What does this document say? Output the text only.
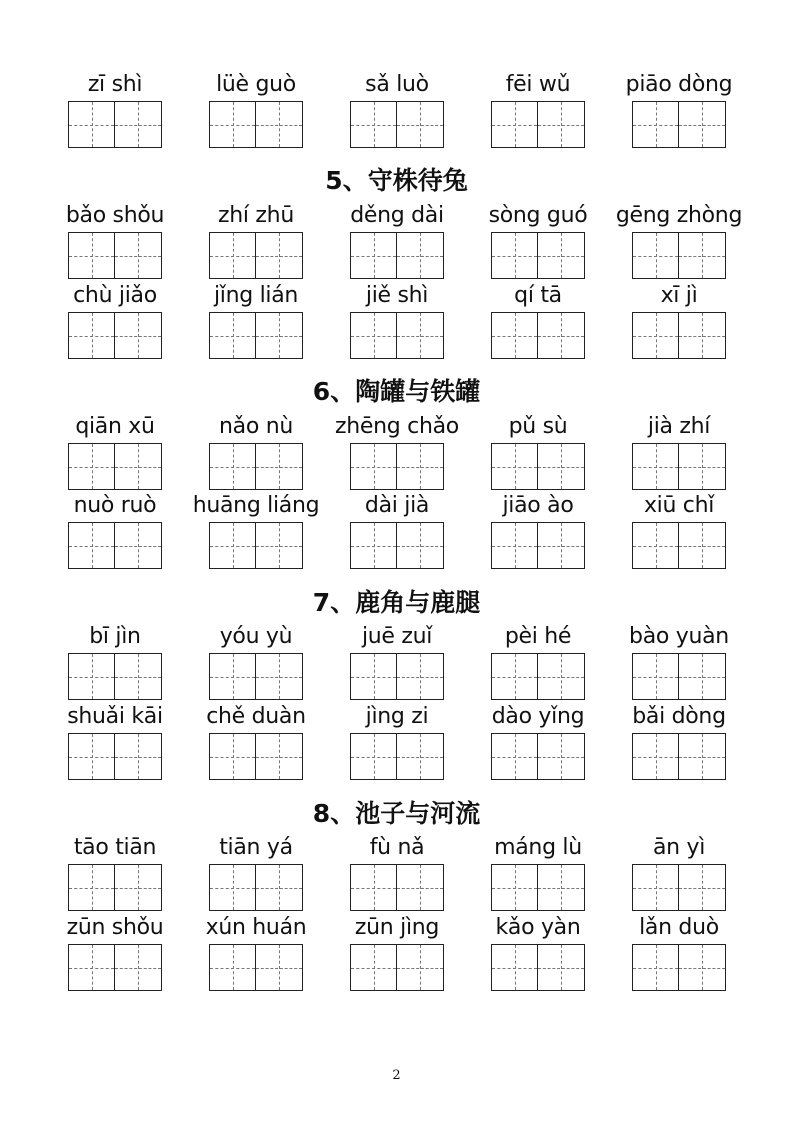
zī shì	lüè guò	sǎ luò	fēi wǔ	piāo dòng
5、守株待兔
bǎo shǒu	zhí zhū	děng dài	sòng guó	gēng zhòng
chù jiǎo	jǐng lián	jiě shì	qí tā	xī jì
6、陶罐与铁罐
qiān xū	nǎo nù	zhēng chǎo	pǔ sù	jià zhí
nuò ruò	huāng liáng	dài jià	jiāo ào	xiū chǐ
7、鹿角与鹿腿
bī jìn	yóu yù	juē zuǐ	pèi hé	bào yuàn
shuǎi kāi	chě duàn	jìng zi	dào yǐng	bǎi dòng
8、池子与河流
tāo tiān	tiān yá	fù nǎ	máng lù	ān yì
zūn shǒu	xún huán	zūn jìng	kǎo yàn	lǎn duò
2
